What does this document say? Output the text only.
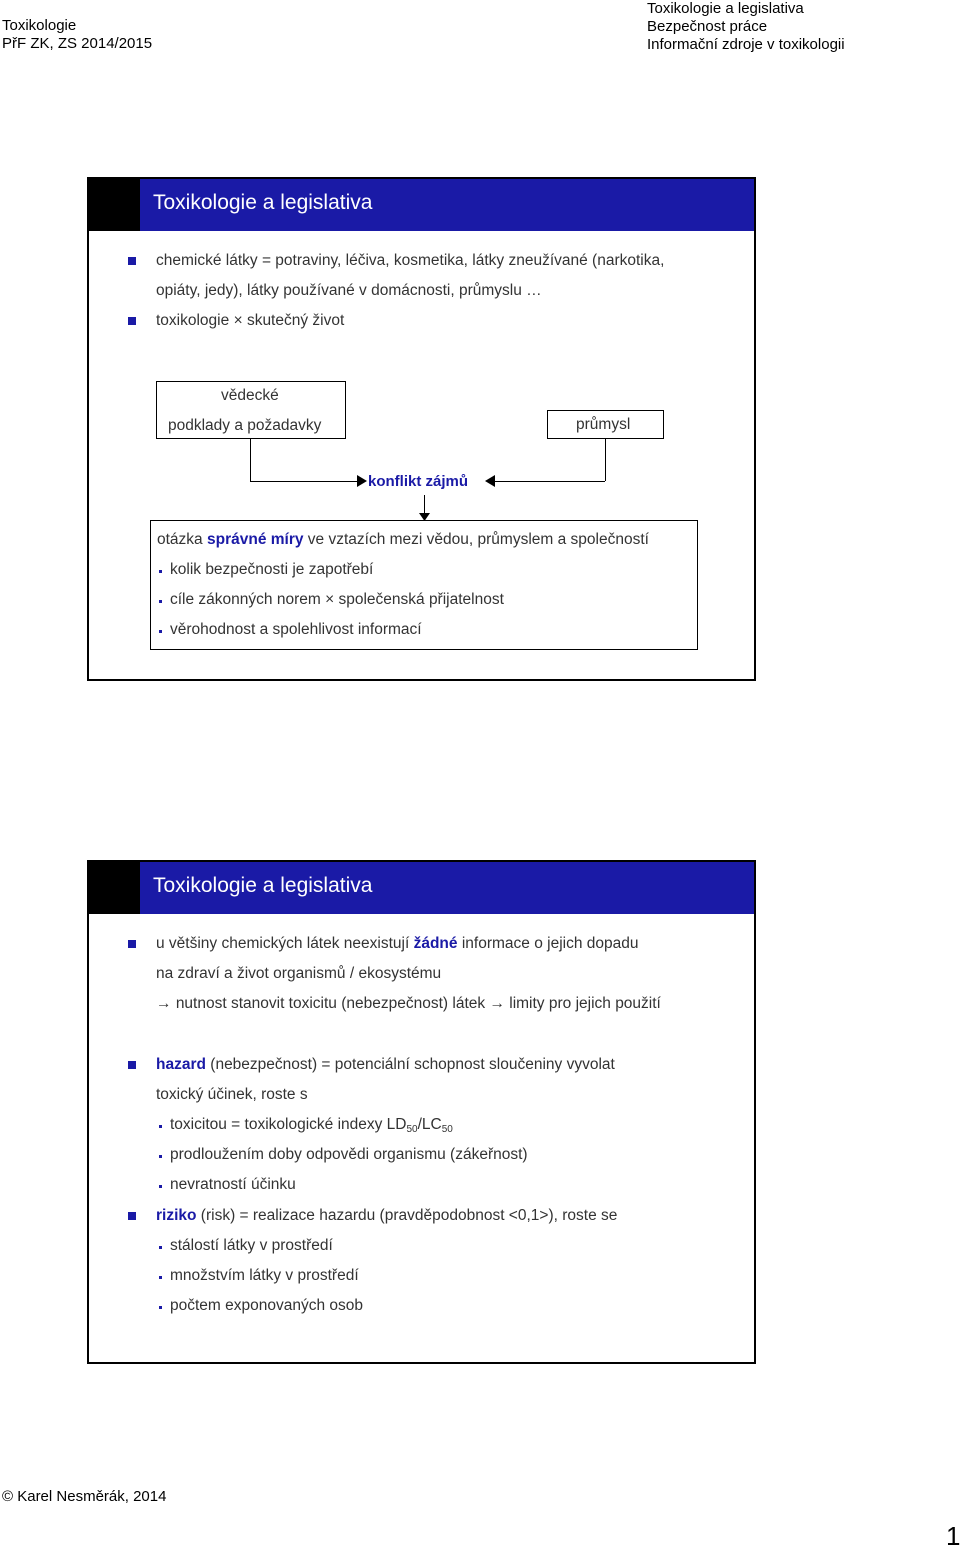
Toxikologie
PřF ZK, ZS 2014/2015
Toxikologie a legislativa
Bezpečnost práce
Informační zdroje v toxikologii
Toxikologie a legislativa
chemické látky = potraviny, léčiva, kosmetika, látky zneužívané (narkotika,
opiáty, jedy), látky používané v domácnosti, průmyslu …
toxikologie × skutečný život
vědecké
podklady a požadavky	průmysl
konflikt zájmů
otázka správné míry ve vztazích mezi vědou, průmyslem a společností
kolik bezpečnosti je zapotřebí
cíle zákonných norem × společenská přijatelnost
věrohodnost a spolehlivost informací
Toxikologie a legislativa
u většiny chemických látek neexistují žádné informace o jejich dopadu
na zdraví a život organismů / ekosystému
→ nutnost stanovit toxicitu (nebezpečnost) látek → limity pro jejich použití
hazard (nebezpečnost) = potenciální schopnost sloučeniny vyvolat
toxický účinek, roste s
toxicitou = toxikologické indexy $LD_{50}/LC_{50}$
prodloužením doby odpovědi organismu (zákeřnost)
nevratností účinku
riziko (risk) = realizace hazardu (pravděpodobnost <0,1>), roste se
stálostí látky v prostředí
množstvím látky v prostředí
počtem exponovaných osob
© Karel Nesměrák, 2014
1
